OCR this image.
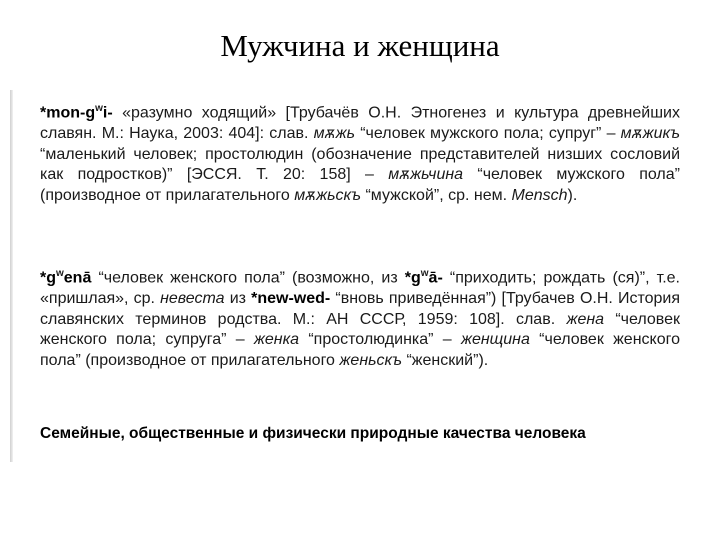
Мужчина и женщина
$*mon-g^wi-$ «разумно ходящий» [Трубачёв О.Н. Этногенез и культура древнейших славян. М.: Наука, 2003: 404]: слав. мѫжь “человек мужского пола; супруг” – мѫжикъ “маленький человек; простолюдин (обозначение представителей низших сословий как подростков)” [ЭССЯ. Т. 20: 158] – мѫжьчина “человек мужского пола” (производное от прилагательного мѫжьскъ “мужской”, ср. нем. Mensch).
$*g^wenā$ “человек женского пола” (возможно, из $*g^wā-$ “приходить; рождать (ся)”, т.е. «пришлая», ср. невеста из *new-wed- “вновь приведённая”) [Трубачев О.Н. История славянских терминов родства. М.: АН СССР, 1959: 108]. слав. жена “человек женского пола; супруга” – женка “простолюдинка” – женщина “человек женского пола” (производное от прилагательного женьскъ “женский”).
Семейные, общественные и физически природные качества человека
